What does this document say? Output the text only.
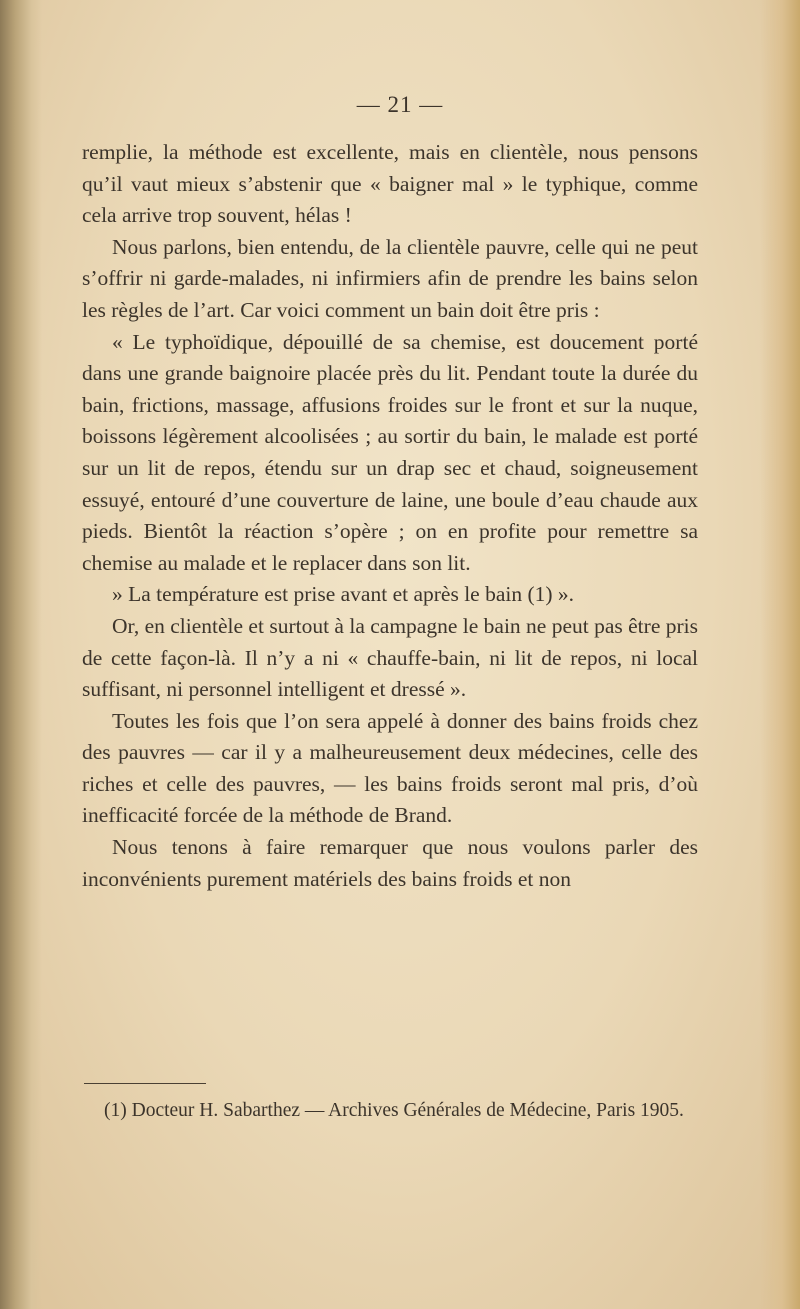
— 21 —

remplie, la méthode est excellente, mais en clientèle, nous pensons qu’il vaut mieux s’abstenir que « baigner mal » le typhique, comme cela arrive trop souvent, hélas !

Nous parlons, bien entendu, de la clientèle pauvre, celle qui ne peut s’offrir ni garde-malades, ni infirmiers afin de prendre les bains selon les règles de l’art. Car voici comment un bain doit être pris :

« Le typhoïdique, dépouillé de sa chemise, est doucement porté dans une grande baignoire placée près du lit. Pendant toute la durée du bain, frictions, massage, affusions froides sur le front et sur la nuque, boissons légèrement alcoolisées ; au sortir du bain, le malade est porté sur un lit de repos, étendu sur un drap sec et chaud, soigneusement essuyé, entouré d’une couverture de laine, une boule d’eau chaude aux pieds. Bientôt la réaction s’opère ; on en profite pour remettre sa chemise au malade et le replacer dans son lit.

» La température est prise avant et après le bain (1) ».

Or, en clientèle et surtout à la campagne le bain ne peut pas être pris de cette façon-là. Il n’y a ni « chauffe-bain, ni lit de repos, ni local suffisant, ni personnel intelligent et dressé ».

Toutes les fois que l’on sera appelé à donner des bains froids chez des pauvres — car il y a malheureusement deux médecines, celle des riches et celle des pauvres, — les bains froids seront mal pris, d’où inefficacité forcée de la méthode de Brand.

Nous tenons à faire remarquer que nous voulons parler des inconvénients purement matériels des bains froids et non

(1) Docteur H. Sabarthez — Archives Générales de Médecine, Paris 1905.
